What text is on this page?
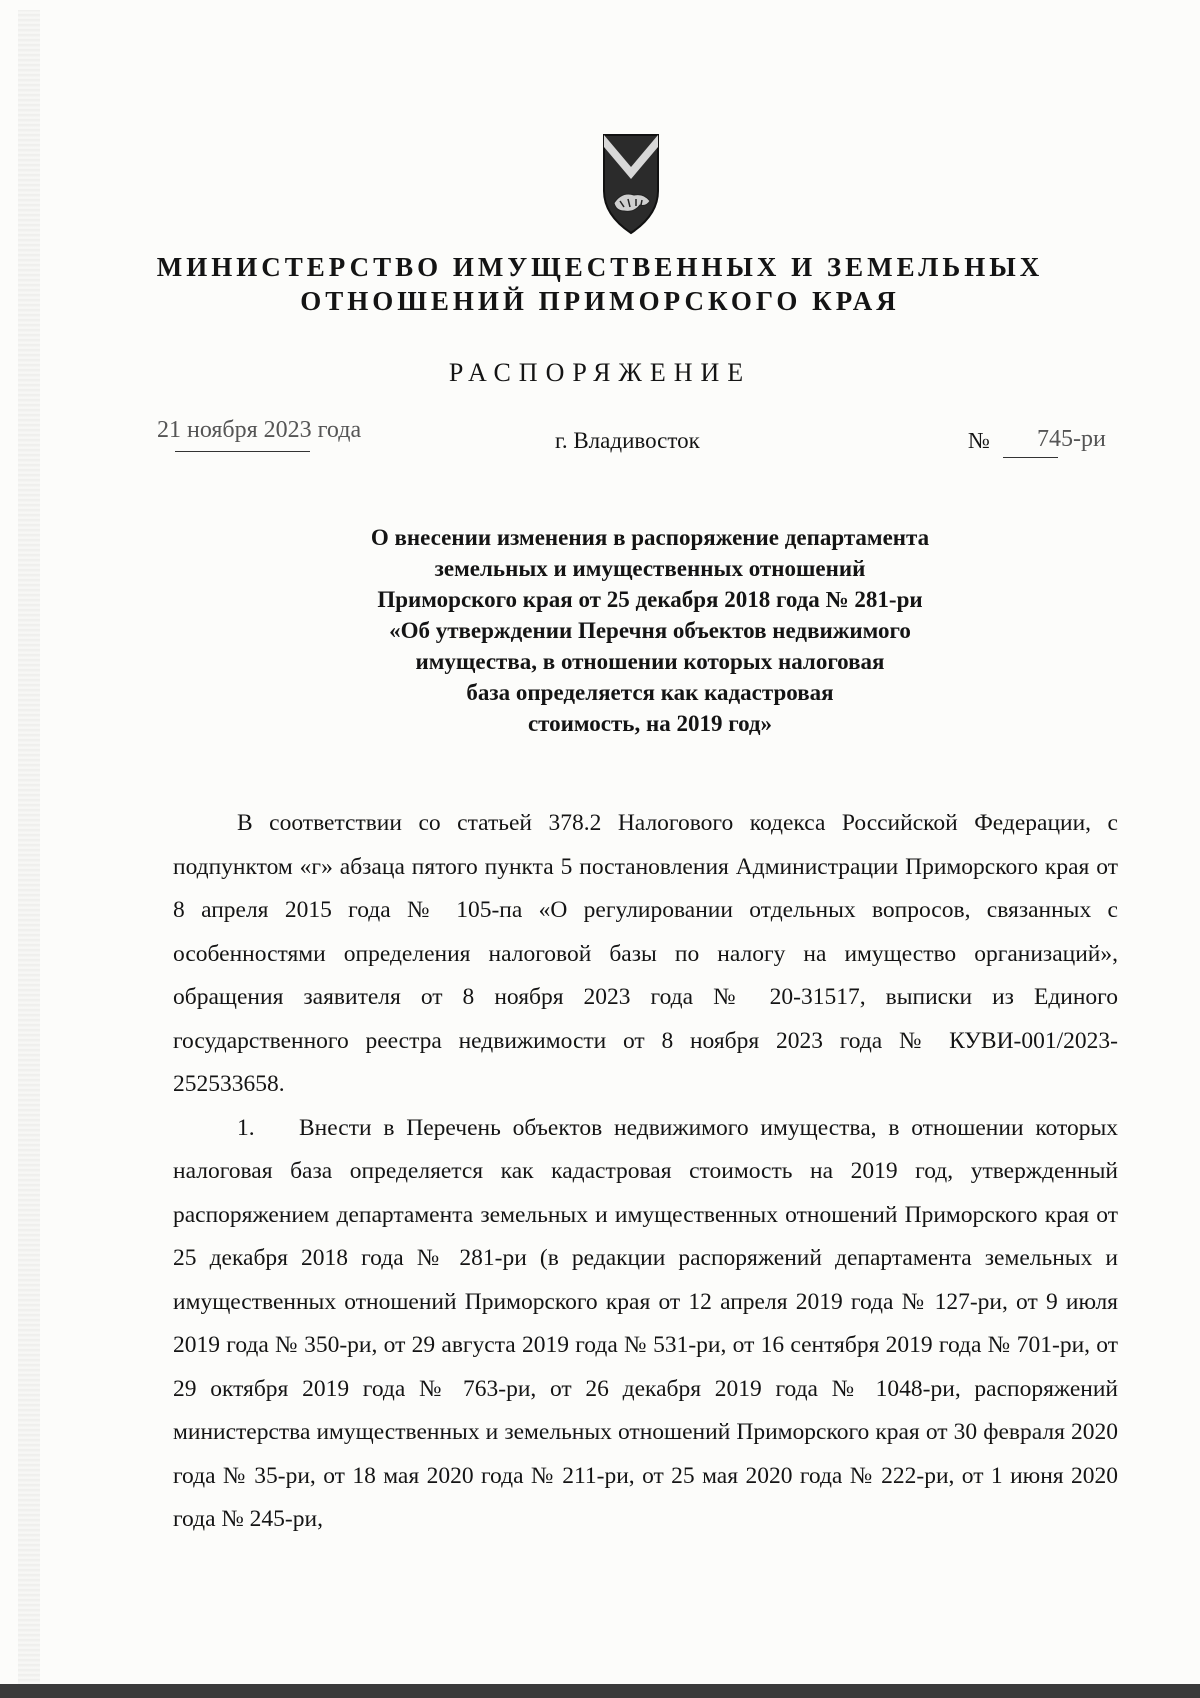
МИНИСТЕРСТВО ИМУЩЕСТВЕННЫХ И ЗЕМЕЛЬНЫХ
ОТНОШЕНИЙ ПРИМОРСКОГО КРАЯ
РАСПОРЯЖЕНИЕ
21 ноября 2023 года	г. Владивосток	№ 745-ри
О внесении изменения в распоряжение департамента
земельных и имущественных отношений
Приморского края от 25 декабря 2018 года № 281-ри
«Об утверждении Перечня объектов недвижимого
имущества, в отношении которых налоговая
база определяется как кадастровая
стоимость, на 2019 год»

В соответствии со статьей 378.2 Налогового кодекса Российской Федерации, с подпунктом «г» абзаца пятого пункта 5 постановления Администрации Приморского края от 8 апреля 2015 года № 105-па «О регулировании отдельных вопросов, связанных с особенностями определения налоговой базы по налогу на имущество организаций», обращения заявителя от 8 ноября 2023 года № 20-31517, выписки из Единого государственного реестра недвижимости от 8 ноября 2023 года № КУВИ-001/2023-252533658.

1. Внести в Перечень объектов недвижимого имущества, в отношении которых налоговая база определяется как кадастровая стоимость на 2019 год, утвержденный распоряжением департамента земельных и имущественных отношений Приморского края от 25 декабря 2018 года № 281-ри (в редакции распоряжений департамента земельных и имущественных отношений Приморского края от 12 апреля 2019 года № 127-ри, от 9 июля 2019 года № 350-ри, от 29 августа 2019 года № 531-ри, от 16 сентября 2019 года № 701-ри, от 29 октября 2019 года № 763-ри, от 26 декабря 2019 года № 1048-ри, распоряжений министерства имущественных и земельных отношений Приморского края от 30 февраля 2020 года № 35-ри, от 18 мая 2020 года № 211-ри, от 25 мая 2020 года № 222-ри, от 1 июня 2020 года № 245-ри,
